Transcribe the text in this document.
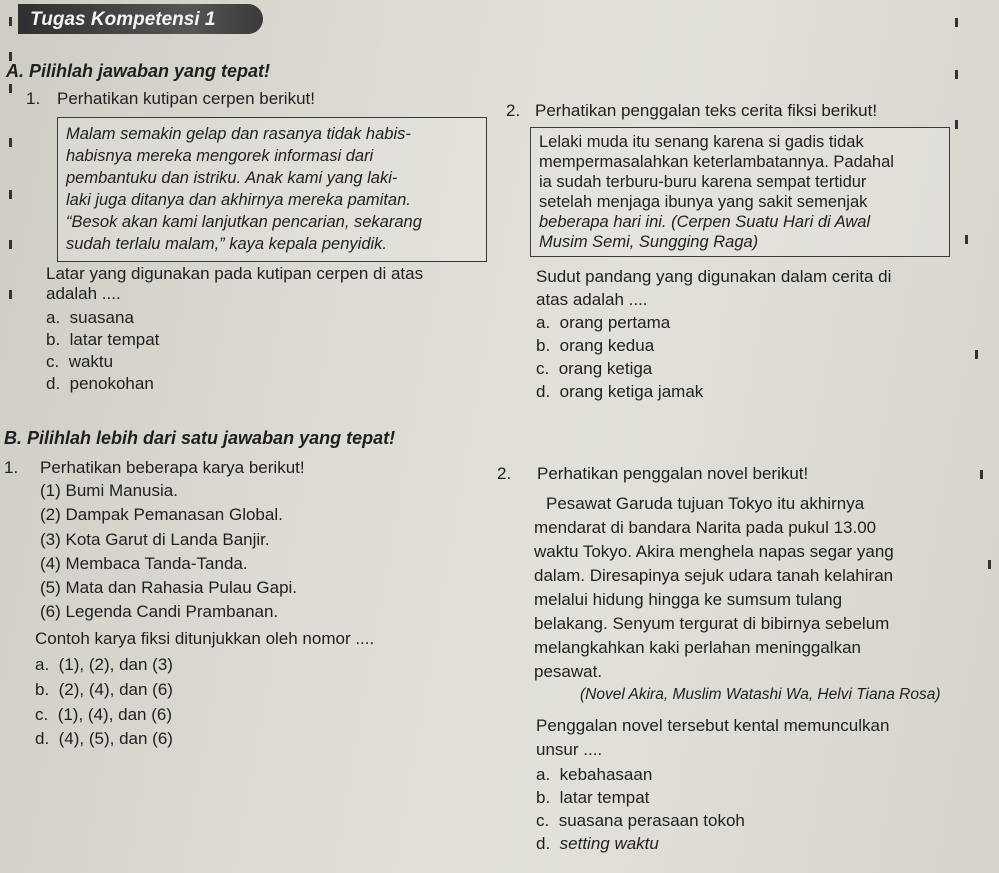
Tugas Kompetensi 1
A. Pilihlah jawaban yang tepat!
1. Perhatikan kutipan cerpen berikut!
Malam semakin gelap dan rasanya tidak habis-
habisnya mereka mengorek informasi dari
pembantuku dan istriku. Anak kami yang laki-
laki juga ditanya dan akhirnya mereka pamitan.
“Besok akan kami lanjutkan pencarian, sekarang
sudah terlalu malam,” kaya kepala penyidik.
Latar yang digunakan pada kutipan cerpen di atas
adalah ....
a. suasana
b. latar tempat
c. waktu
d. penokohan
2. Perhatikan penggalan teks cerita fiksi berikut!
Lelaki muda itu senang karena si gadis tidak
mempermasalahkan keterlambatannya. Padahal
ia sudah terburu-buru karena sempat tertidur
setelah menjaga ibunya yang sakit semenjak
beberapa hari ini. (Cerpen Suatu Hari di Awal
Musim Semi, Sungging Raga)
Sudut pandang yang digunakan dalam cerita di
atas adalah ....
a. orang pertama
b. orang kedua
c. orang ketiga
d. orang ketiga jamak
B. Pilihlah lebih dari satu jawaban yang tepat!
1. Perhatikan beberapa karya berikut!
(1) Bumi Manusia.
(2) Dampak Pemanasan Global.
(3) Kota Garut di Landa Banjir.
(4) Membaca Tanda-Tanda.
(5) Mata dan Rahasia Pulau Gapi.
(6) Legenda Candi Prambanan.
Contoh karya fiksi ditunjukkan oleh nomor ....
a. (1), (2), dan (3)
b. (2), (4), dan (6)
c. (1), (4), dan (6)
d. (4), (5), dan (6)
2. Perhatikan penggalan novel berikut!
Pesawat Garuda tujuan Tokyo itu akhirnya
mendarat di bandara Narita pada pukul 13.00
waktu Tokyo. Akira menghela napas segar yang
dalam. Diresapinya sejuk udara tanah kelahiran
melalui hidung hingga ke sumsum tulang
belakang. Senyum tergurat di bibirnya sebelum
melangkahkan kaki perlahan meninggalkan
pesawat.
(Novel Akira, Muslim Watashi Wa, Helvi Tiana Rosa)
Penggalan novel tersebut kental memunculkan
unsur ....
a. kebahasaan
b. latar tempat
c. suasana perasaan tokoh
d. setting waktu
